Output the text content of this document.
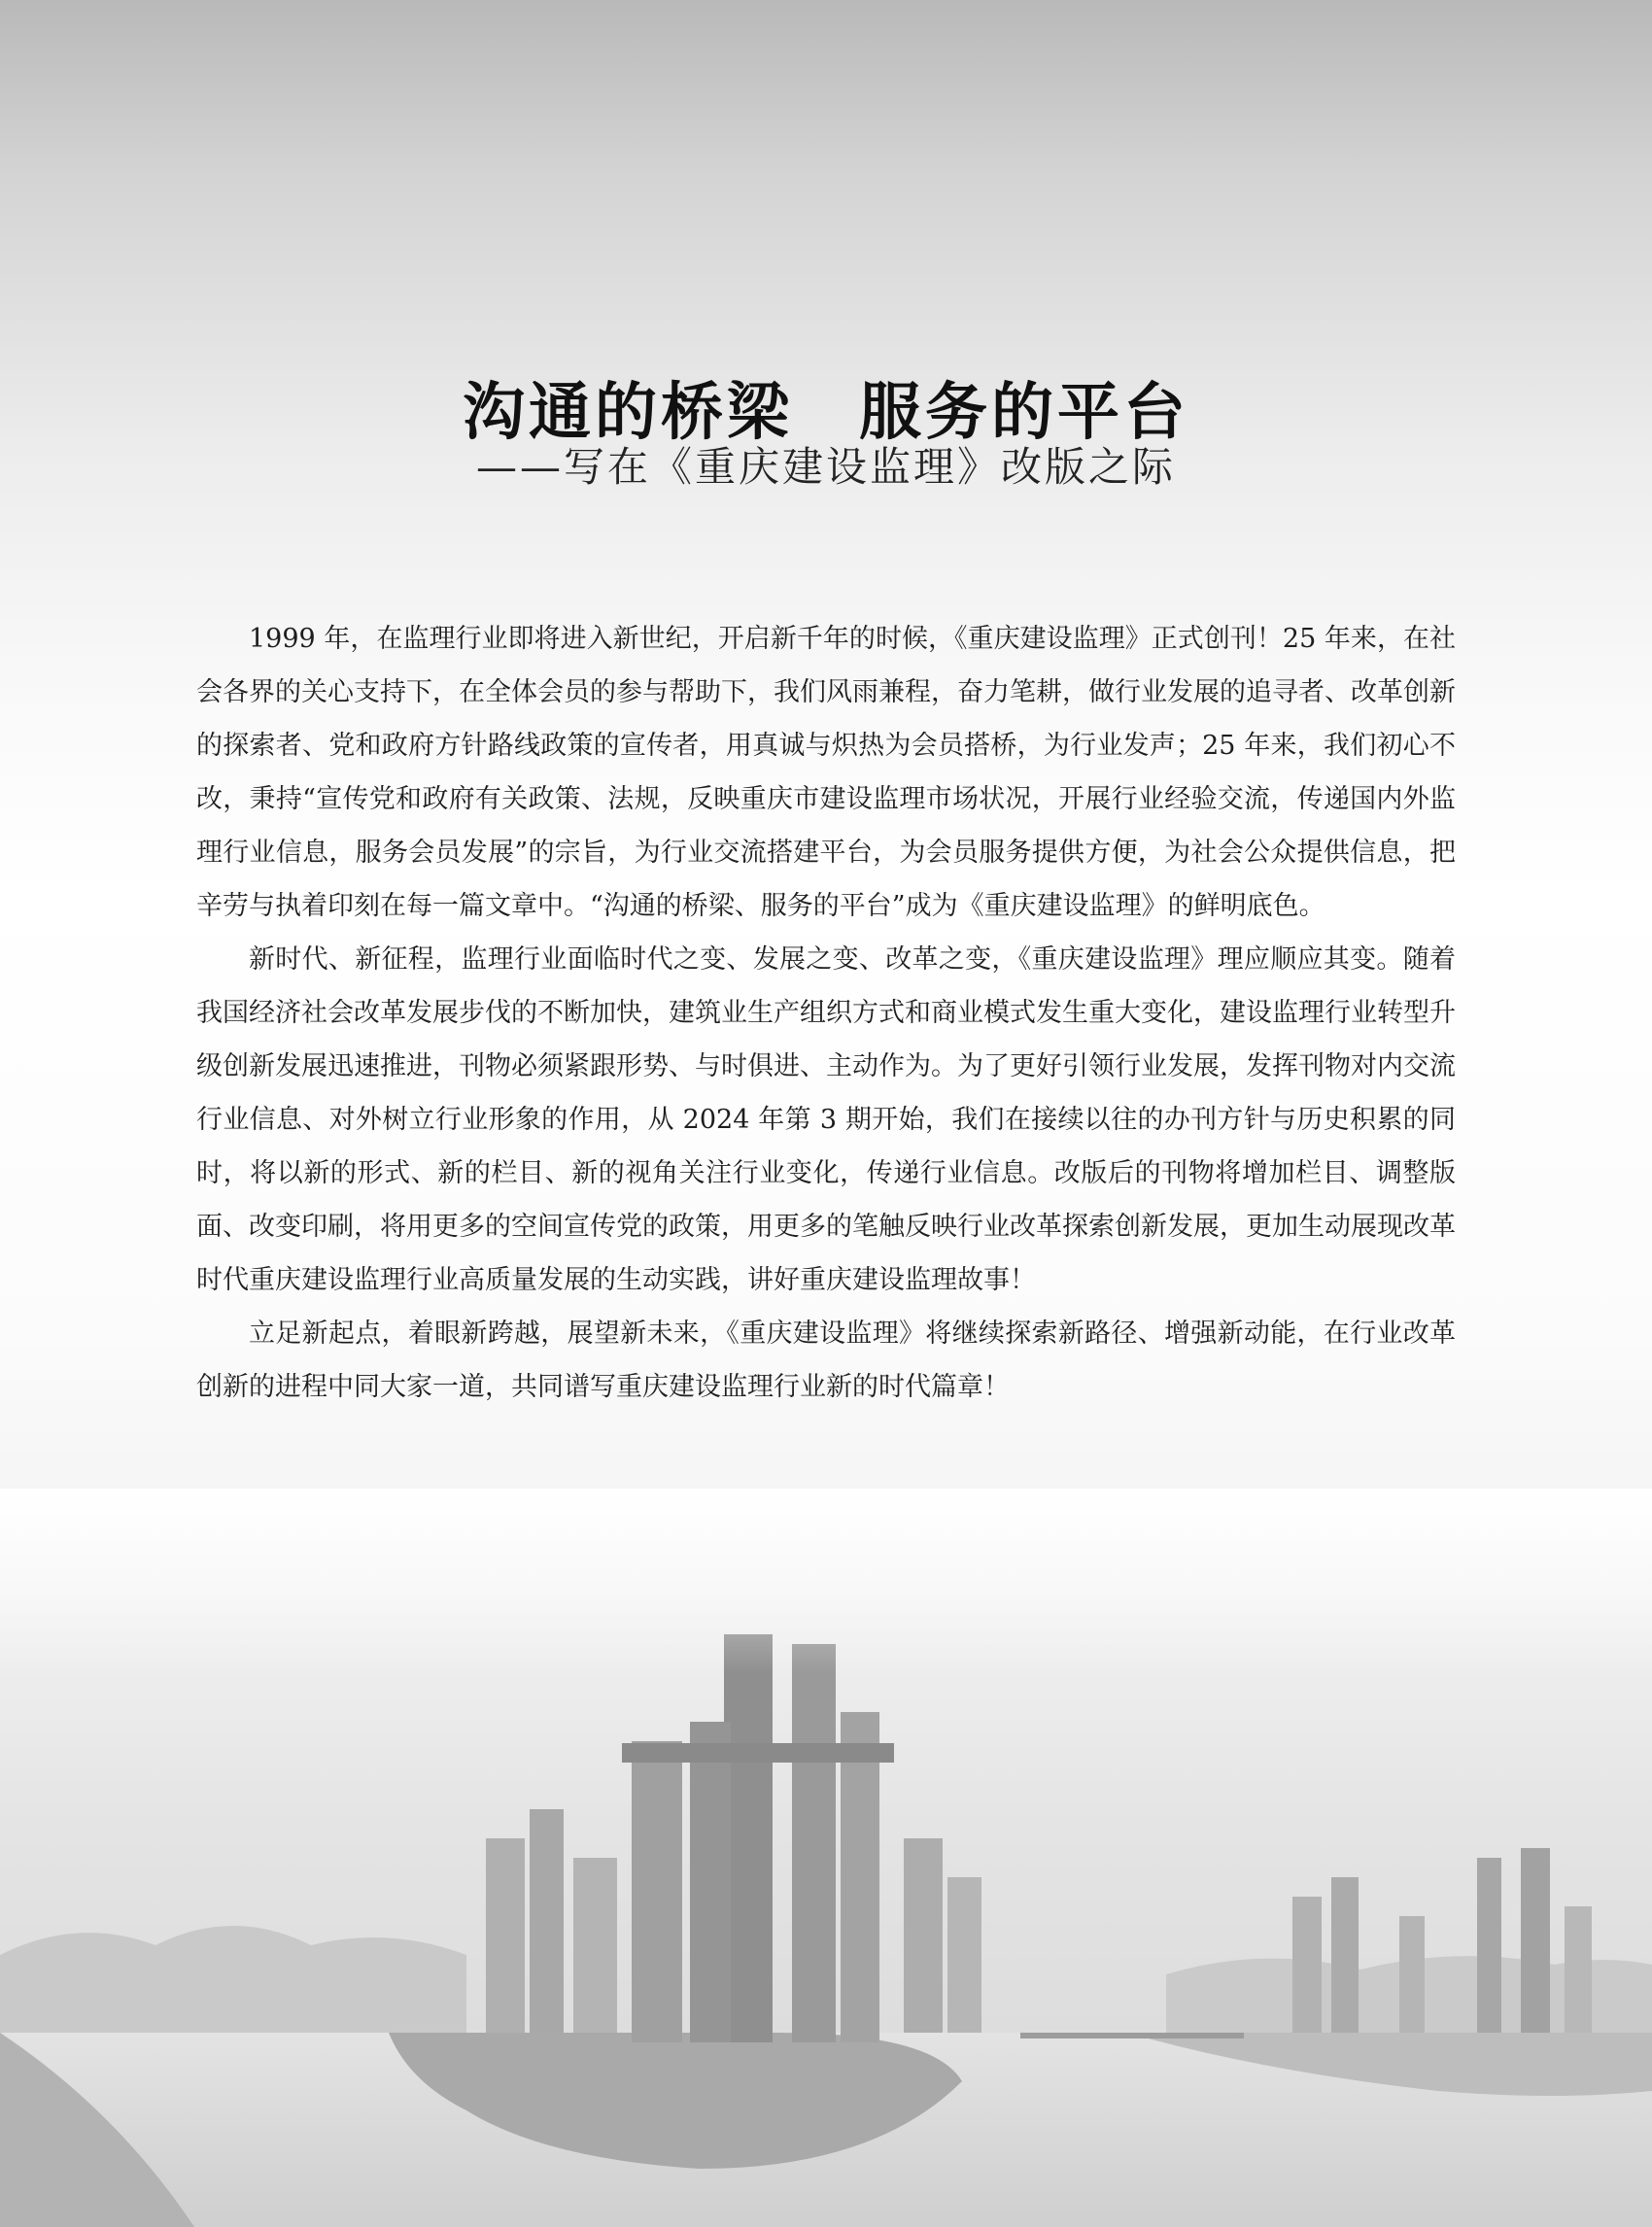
沟通的桥梁　服务的平台
——写在《重庆建设监理》改版之际

1999 年，在监理行业即将进入新世纪，开启新千年的时候，《重庆建设监理》正式创刊！25 年来，在社会各界的关心支持下，在全体会员的参与帮助下，我们风雨兼程，奋力笔耕，做行业发展的追寻者、改革创新的探索者、党和政府方针路线政策的宣传者，用真诚与炽热为会员搭桥，为行业发声；25 年来，我们初心不改，秉持“宣传党和政府有关政策、法规，反映重庆市建设监理市场状况，开展行业经验交流，传递国内外监理行业信息，服务会员发展”的宗旨，为行业交流搭建平台，为会员服务提供方便，为社会公众提供信息，把辛劳与执着印刻在每一篇文章中。“沟通的桥梁、服务的平台”成为《重庆建设监理》的鲜明底色。

新时代、新征程，监理行业面临时代之变、发展之变、改革之变，《重庆建设监理》理应顺应其变。随着我国经济社会改革发展步伐的不断加快，建筑业生产组织方式和商业模式发生重大变化，建设监理行业转型升级创新发展迅速推进，刊物必须紧跟形势、与时俱进、主动作为。为了更好引领行业发展，发挥刊物对内交流行业信息、对外树立行业形象的作用，从 2024 年第 3 期开始，我们在接续以往的办刊方针与历史积累的同时，将以新的形式、新的栏目、新的视角关注行业变化，传递行业信息。改版后的刊物将增加栏目、调整版面、改变印刷，将用更多的空间宣传党的政策，用更多的笔触反映行业改革探索创新发展，更加生动展现改革时代重庆建设监理行业高质量发展的生动实践，讲好重庆建设监理故事！

立足新起点，着眼新跨越，展望新未来，《重庆建设监理》将继续探索新路径、增强新动能，在行业改革创新的进程中同大家一道，共同谱写重庆建设监理行业新的时代篇章！
